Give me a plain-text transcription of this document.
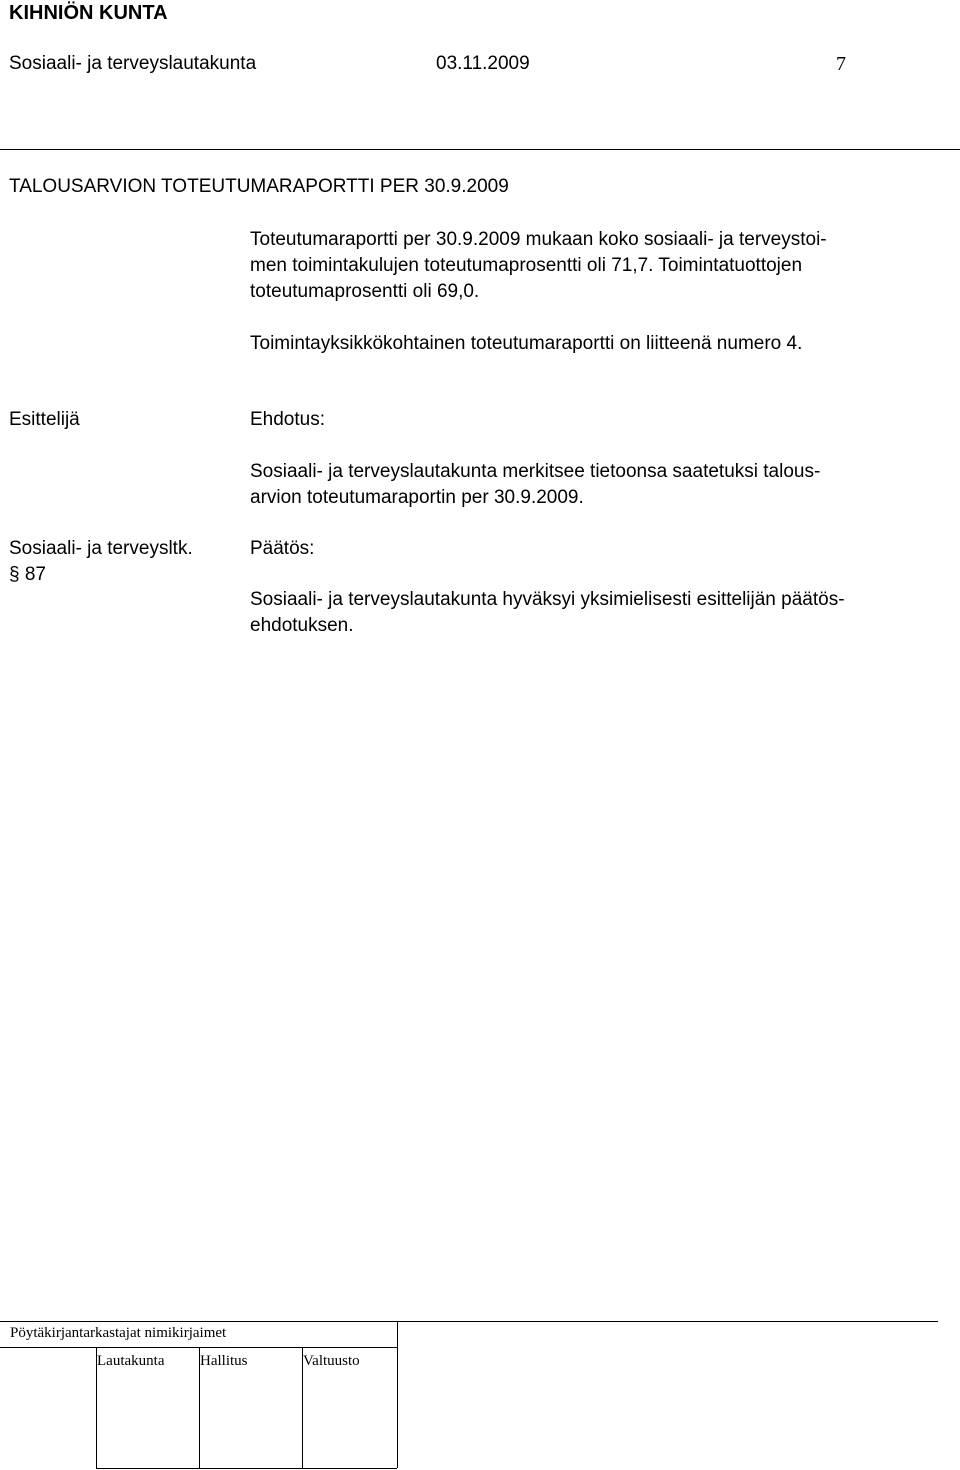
KIHNIÖN KUNTA
Sosiaali- ja terveyslautakunta	03.11.2009	7
TALOUSARVION TOTEUTUMARAPORTTI PER 30.9.2009
Toteutumaraportti per 30.9.2009 mukaan koko sosiaali- ja terveystoi-
men toimintakulujen toteutumaprosentti oli 71,7. Toimintatuottojen
toteutumaprosentti oli 69,0.
Toimintayksikkökohtainen toteutumaraportti on liitteenä numero 4.
Esittelijä	Ehdotus:
Sosiaali- ja terveyslautakunta merkitsee tietoonsa saatetuksi talous-
arvion toteutumaraportin per 30.9.2009.
Sosiaali- ja terveysltk.
§ 87
Päätös:
Sosiaali- ja terveyslautakunta hyväksyi yksimielisesti esittelijän päätös-
ehdotuksen.
Pöytäkirjantarkastajat nimikirjaimet
Lautakunta Hallitus	Valtuusto
